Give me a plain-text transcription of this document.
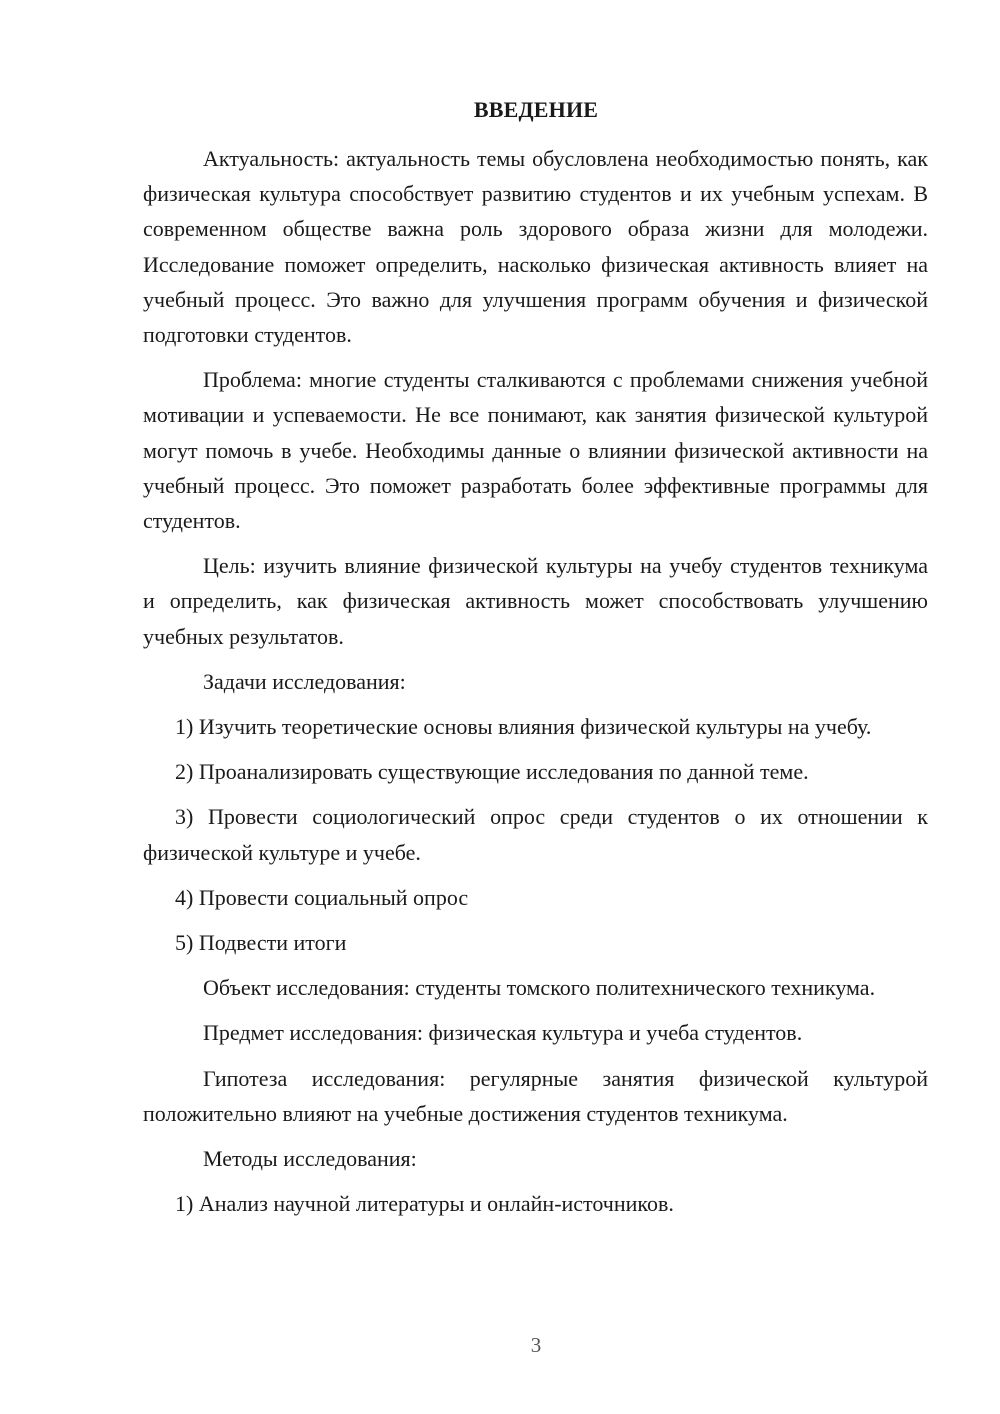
ВВЕДЕНИЕ

Актуальность: актуальность темы обусловлена необходимостью понять, как физическая культура способствует развитию студентов и их учебным успехам. В современном обществе важна роль здорового образа жизни для молодежи. Исследование поможет определить, насколько физическая активность влияет на учебный процесс. Это важно для улучшения программ обучения и физической подготовки студентов.

Проблема: многие студенты сталкиваются с проблемами снижения учебной мотивации и успеваемости. Не все понимают, как занятия физической культурой могут помочь в учебе. Необходимы данные о влиянии физической активности на учебный процесс. Это поможет разработать более эффективные программы для студентов.

Цель: изучить влияние физической культуры на учебу студентов техникума и определить, как физическая активность может способствовать улучшению учебных результатов.

Задачи исследования:

1) Изучить теоретические основы влияния физической культуры на учебу.

2) Проанализировать существующие исследования по данной теме.

3) Провести социологический опрос среди студентов о их отношении к физической культуре и учебе.

4) Провести социальный опрос

5) Подвести итоги

Объект исследования: студенты томского политехнического техникума.

Предмет исследования: физическая культура и учеба студентов.

Гипотеза исследования: регулярные занятия физической культурой положительно влияют на учебные достижения студентов техникума.

Методы исследования:

1) Анализ научной литературы и онлайн-источников.

3
